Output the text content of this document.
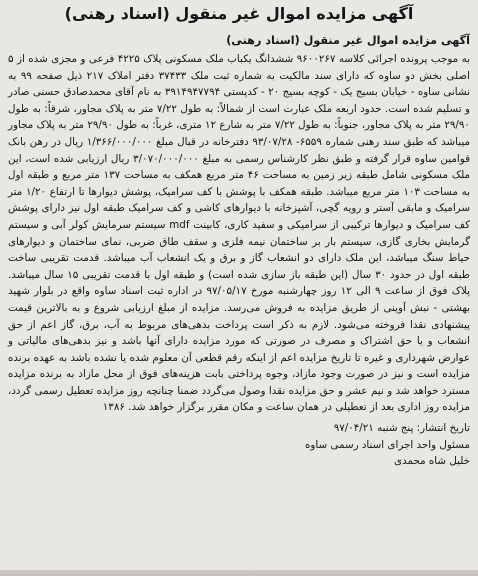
آگهی مزایده اموال غیر منقول (اسناد رهنی)
آگهی مزایده اموال غیر منقول (اسناد رهنی)

به موجب پرونده اجرائی کلاسه ۹۶۰۰۲۶۷ ششدانگ یکباب ملک مسکونی پلاک ۴۲۲۵ فرعی و مجزی شده از ۵ اصلی بخش دو ساوه که دارای سند مالکیت به شماره ثبت ملک ۳۷۴۳۳ دفتر املاک ۲۱۷ ذیل صفحه ۹۹ به نشانی ساوه - خیابان بسیج یک - کوچه بسیج ۲۰ - کدپستی ۳۹۱۴۹۴۷۷۹۴ به نام آقای محمدصادق حسنی صادر و تسلیم شده است. حدود اربعه ملک عبارت است از شمالاً: به طول ۷/۲۲ متر به پلاک مجاور، شرقاً: به طول ۲۹/۹۰ متر به پلاک مجاور، جنوباً: به طول ۷/۲۲ متر به شارع ۱۲ متری، غرباً: به طول ۲۹/۹۰ متر به پلاک مجاور میباشد که طبق سند رهنی شماره ۶۵۵۹- ۹۳/۰۷/۲۸ دفترخانه در قبال مبلغ ۱/۳۶۶/۰۰۰/۰۰۰ ریال در رهن بانک قوامین ساوه قرار گرفته و طبق نظر کارشناس رسمی به مبلغ ۳/۰۷۰/۰۰۰/۰۰۰ ریال ارزیابی شده است، این ملک مسکونی شامل طبقه زیر زمین به مساحت ۴۶ متر مربع همکف به مساحت ۱۳۷ متر مربع و طبقه اول به مساحت ۱۰۳ متر مربع میباشد. طبقه همکف با پوشش با کف سرامیک، پوشش دیوارها تا ارتفاع ۱/۲۰ متر سرامیک و مابقی آستر و رویه گچی، آشپزخانه با دیوارهای کاشی و کف سرامیک طبقه اول نیز دارای پوشش کف سرامیک و دیوارها ترکیبی از سرامیکی و سفید کاری، کابینت mdf سیستم سرمایش کولر آبی و سیستم گرمایش بخاری گازی، سیستم بار بر ساختمان نیمه فلزی و سقف طاق ضربی، نمای ساختمان و دیوارهای حیاط سنگ میباشد، این ملک دارای دو انشعاب گاز و برق و یک انشعاب آب میباشد. قدمت تقریبی ساخت طبقه اول در حدود ۳۰ سال (این طبقه باز سازی شده است) و طبقه اول با قدمت تقریبی ۱۵ سال میباشد. پلاک فوق از ساعت ۹ الی ۱۲ روز چهارشنبه مورخ ۹۷/۰۵/۱۷ در اداره ثبت اسناد ساوه واقع در بلوار شهید بهشتی - نبش آوینی از طریق مزایده به فروش می‌رسد. مزایده از مبلغ ارزیابی شروع و به بالاترین قیمت پیشنهادی نقدا فروخته می‌شود. لازم به ذکر است پرداخت بدهی‌های مربوط به آب، برق، گاز اعم از حق انشعاب و یا حق اشتراک و مصرف در صورتی که مورد مزایده دارای آنها باشد و نیز بدهی‌های مالیاتی و عوارض شهرداری و غیره تا تاریخ مزایده اعم از اینکه رقم قطعی آن معلوم شده یا نشده باشد به عهده برنده مزایده است و نیز در صورت وجود مازاد، وجوه پرداختی بابت هزینه‌های فوق از محل مازاد به برنده مزایده مسترد خواهد شد و نیم عشر و حق مزایده نقدا وصول می‌گردد ضمنا چنانچه روز مزایده تعطیل رسمی گردد، مزایده روز اداری بعد از تعطیلی در همان ساعت و مکان مقرر برگزار خواهد شد. ۱۳۸۶

تاریخ انتشار: پنج شنبه ۹۷/۰۴/۲۱
مسئول واحد اجرای اسناد رسمی ساوه
خلیل شاه محمدی
